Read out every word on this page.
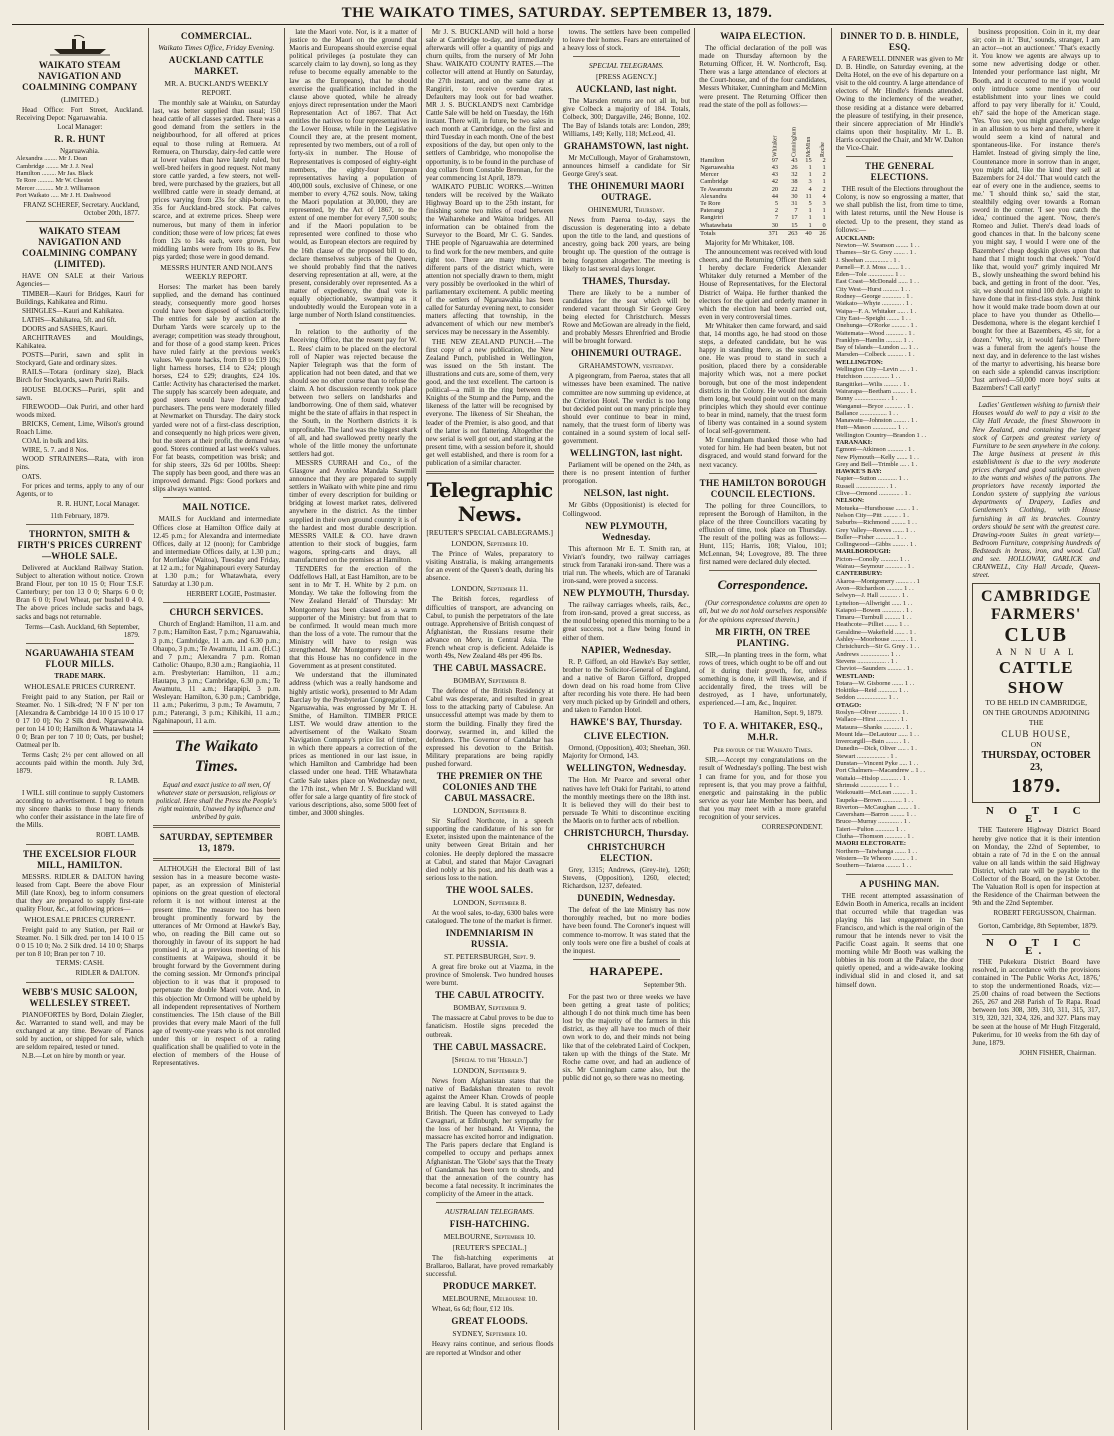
THE WAIKATO TIMES, SATURDAY. SEPTEMBER 13, 1879.
WAIKATO STEAM NAVIGATION AND COALMINING COMPANY
(LIMITED.)

Head Office: Fort Street, Auckland. Receiving Depot: Ngaruawahia.

Local Manager:
R. R. HUNT
Ngaruawahia.
Alexandra ........ Mr J. Dean
Cambridge ........ Mr J. J. Neal
Hamilton ......... Mr Jas. Black
Te Rore .......... Mr W. Chestet
Mercer ........... Mr J. Williamson
Port Waikato ..... Mr J. H. Dashwood
FRANZ SCHEREF, Secretary. Auckland, October 20th, 1877.
WAIKATO STEAM NAVIGATION AND COALMINING COMPANY (LIMITED).

HAVE ON SALE at their Various Agencies—

TIMBER—Kauri for Bridges, Kauri for Buildings, Kahikatea and Rimu.

SHINGLES—Kauri and Kahikatea.

LATHS—Kahikatea, 5ft. and 6ft.

DOORS and SASHES, Kauri.

ARCHITRAVES and Mouldings, Kahikatea.

POSTS—Puriri, sawn and split in Stockyard, Gate and ordinary sizes.

RAILS—Totara (ordinary size), Black Birch for Stockyards, sawn Puriri Rails.

HOUSE BLOCKS—Puriri, split and sawn.

FIREWOOD—Oak Puriri, and other hard woods mixed.

BRICKS, Cement, Lime, Wilson's ground Roach Lime.

COAL in bulk and kits.

WIRE, 5. 7. and 8 Nos.

WOOD STRAINERS—Rata, with iron pins.

OATS.

For prices and terms, apply to any of our Agents, or to

R. R. HUNT, Local Manager.
11th February, 1879.
THORNTON, SMITH & FIRTH'S PRICES CURRENT—WHOLE SALE.

Delivered at Auckland Railway Station. Subject to alteration without notice. Crown Brand Flour, per ton 10 15 0; Flour T.S.F. Canterbury; per ton 13 0 0; Sharps 6 0 0; Bran 6 0 0; Fowl Wheat, per bushel 0 4 0. The above prices include sacks and bags, sacks and bags not returnable.

Terms—Cash. Auckland, 6th September, 1879.
NGARUAWAHIA STEAM FLOUR MILLS.
TRADE MARK.
WHOLESALE PRICES CURRENT.

Freight paid to any Station, per Rail or Steamer. No. 1 Silk-dred; 'N F N' per ton [Alexandra & Cambridge 14 10 0 15 10 0 17 0 17 10 0]; No 2 Silk dred. Ngaruawahia. per ton 14 10 0; Hamilton & Whatawhata 14 0 0; Bran per ton 7 10 0; Oats, per bushel; Oatmeal per lb.

Terms Cash; 2½ per cent allowed on all accounts paid within the month. July 3rd, 1879.

R. LAMB.

I WILL still continue to supply Customers according to advertisement. I beg to return my sincere thanks to those many friends who confer their assistance in the late fire of the Mills.

ROBT. LAMB.
THE EXCELSIOR FLOUR MILL, HAMILTON.

MESSRS. RIDLER & DALTON having leased from Capt. Beere the above Flour Mill (late Knox), beg to inform consumers that they are prepared to supply first-rate quality Flour, &c., at following prices—

WHOLESALE PRICES CURRENT.

Freight paid to any Station, per Rail or Steamer. No. 1 Silk dred. per ton 14 10 0 15 0 0 15 10 0; No. 2 Silk dred. 14 10 0; Sharps per ton 8 10; Bran per ton 7 10.

TERMS: CASH.
RIDLER & DALTON.
WEBB'S MUSIC SALOON, WELLESLEY STREET.

PIANOFORTES by Bord, Dolain Ziegler, &c. Warranted to stand well, and may be exchanged at any time. Beware of Pianos sold by auction, or shipped for sale, which are seldom repaired, tested or tuned.

N.B.—Let on hire by month or year.

COMMERCIAL.
Waikato Times Office, Friday Evening.
AUCKLAND CATTLE MARKET.
MR. A. BUCKLAND'S WEEKLY REPORT.

The monthly sale at Waiuku, on Saturday last, was better supplied than usual; 150 head cattle of all classes yarded. There was a good demand from the settlers in the neighbourhood, for all offered at prices equal to those ruling at Remuera. At Remuera, on Thursday, dairy-fed cattle were at lower values than have lately ruled, but well-bred heifers in good request. Not many store cattle yarded, a few steers, not well-bred, were purchased by the graziers, but all welllbred cattle were in steady demand, at prices varying from 23s for ship-borne, to 35s for Auckland-bred stock. Pat calves scarce, and at extreme prices. Sheep were numerous, but many of them in inferior condition; those were of low prices; fat ewes from 12s to 14s each, were grown, but middling lambs were from 10s to 8s. Few pigs yarded; those were in good demand.

MESSRS HUNTER AND NOLAN'S WEEKLY REPORT.

Horses: The market has been barely supplied, and the demand has continued steady, consequently more good horses could have been disposed of satisfactorily. The entries for sale by auction at the Durham Yards were scarcely up to the average; competition was steady throughout, and for those of a good stamp keen. Prices have ruled fairly at the previous week's values. We quote hacks, from £8 to £19 10s; light harness horses, £14 to £24; plough horses, £24 to £29; draughts, £24 10s. Cattle: Activity has characterised the market. The supply has scarcely been adequate, and good steers would have found ready purchasers. The pens were moderately filled at Newmarket on Thursday. The dairy stock yarded were not of a first-class description, and consequently no high prices were given, but the steers at their profit, the demand was good. Stores continued at last week's values. For fat beasts, competition was brisk; and for ship steers, 32s 6d per 100lbs. Sheep: The supply has been good, and there was an improved demand. Pigs: Good porkers and slips always wanted.

MAIL NOTICE.

MAILS for Auckland and intermediate Offices close at Hamilton Office daily at 12.45 p.m.; for Alexandra and intermediate Offices, daily at 12 (noon); for Cambridge and intermediate Offices daily, at 1.30 p.m.; for Mortlake (Waitoa), Tuesday and Friday, at 12 a.m.; for Ngahinapouri every Saturday at 1.30 p.m.; for Whatawhata, every Saturday at 1.30 p.m.

HERBERT LOGIE, Postmaster.
CHURCH SERVICES.

Church of England: Hamilton, 11 a.m. and 7 p.m.; Hamilton East, 7 p.m.; Ngaruawahia, 3 p.m.; Cambridge, 11 a.m. and 6.30 p.m.; Ohaupo, 3 p.m.; Te Awamutu, 11 a.m. (H.C.) and 7 p.m.; Alexandra 7 p.m. Roman Catholic: Ohaupo, 8.30 a.m.; Rangiaohia, 11 a.m. Presbyterian: Hamilton, 11 a.m.; Hautapu, 3 p.m.; Cambridge, 6.30 p.m.; Te Awamutu, 11 a.m.; Harapipi, 3 p.m. Wesleyan: Hamilton, 6.30 p.m.; Cambridge, 11 a.m.; Pukerimu, 3 p.m.; Te Awamutu, 7 p.m.; Paterangi, 3 p.m.; Kihikihi, 11 a.m.; Ngahinapouri, 11 a.m.

The Waikato Times.

Equal and exact justice to all men, Of whatever state or persuasion, religious or political. Here shall the Press the People's right maintain, Unawed by influence and unbribed by gain.

SATURDAY, SEPTEMBER 13, 1879.

ALTHOUGH the Electoral Bill of last session has in a measure become waste-paper, as an expression of Ministerial opinions on the great question of electoral reform it is not without interest at the present time. The measure too has been brought prominently forward by the utterances of Mr Ormond at Hawke's Bay, who, on reading the Bill came out so thoroughly in favour of its support he had promised it, at a previous meeting of his constituents at Waipawa, should it be brought forward by the Government during the coming session. Mr Ormond's principal objection to it was that it proposed to perpetuate the double Maori vote. And, in this objection Mr Ormond will be upheld by all independent representatives of Northern constituencies. The 15th clause of the Bill provides that every male Maori of the full age of twenty-one years who is not enrolled under this or in respect of a rating qualification shall be qualified to vote in the election of members of the House of Representatives.

late the Maori vote. Nor, is it a matter of justice to the Maori on the ground that Maoris and Europeans should exercise equal political privileges (a postulate they can scarcely claim to lay down), so long as they refuse to become equally amenable to the law as the Europeans), that he should exercise the qualification included in the clause above quoted, while he already enjoys direct representation under the Maori Representation Act of 1867. That Act entitles the natives to four representatives in the Lower House, while in the Legislative Council they are, at the present moment, represented by two members, out of a roll of forty-six in number. The House of Representatives is composed of eighty-eight members, the eighty-four European representatives having a population of 400,000 souls, exclusive of Chinese, or one member to every 4,762 souls. Now, taking the Maori population at 30,000, they are represented, by the Act of 1867, to the extent of one member for every 7,500 souls; and if the Maori population to be represented were confined to those who would, as European electors are required by the 16th clause of the proposed bill to do, declare themselves subjects of the Queen, we should probably find that the natives deserving representation at all, were, at the present, considerably over represented. As a matter of expediency, the dual vote is equally objectionable, swamping as it undoubtedly would the European vote in a large number of North Island constituencies.

In relation to the authority of the Receiving Office, that the resent pay for W. L. Rees' claim to be placed on the electoral roll of Napier was rejected because the Napier Telegraph was that the form of application had not been dated, and that we should see no other course than to refuse the claim. A hot discussion recently took place between two sellers on landsharks and landborrowing. One of them said, whatever might be the state of affairs in that respect in the South, in the Northern districts it is unprofitable. The land was the biggest shark of all, and had swallowed pretty nearly the whole of the little money the unfortunate settlers had got.

MESSRS CURRAH and Co., of the Glasgow and Avonlea Mandala Sawmill announce that they are prepared to supply settlers in Waikato with white pine and rimu timber of every description for building or bridging at lowest market rates, delivered anywhere in the district. As the timber supplied in their own ground country it is of the hardest and most durable description. MESSRS VAILE & CO. have drawn attention to their stock of buggies, farm wagons, spring-carts and drays, all manufactured on the premises at Hamilton.

TENDERS for the erection of the Oddfellows Hall, at East Hamilton, are to be sent in to Mr T. H. White by 2 p.m. on Monday. We take the following from the 'New Zealand Herald' of Thursday: Mr Montgomery has been classed as a warm supporter of the Ministry: but from that to be confirmed. It would mean much more than the loss of a vote. The rumour that the Ministry will have to resign was strengthened. Mr Montgomery will move that this House has no confidence in the Government as at present constituted.

We understand that the illuminated address (which was a really handsome and highly artistic work), presented to Mr Adam Barclay by the Presbyterian Congregation of Ngaruawahia, was engrossed by Mr T. H. Smithe, of Hamilton. TIMBER PRICE LIST. We would draw attention to the advertisement of the Waikato Steam Navigation Company's price list of timber, in which there appears a correction of the prices as mentioned in our last issue, in which Hamilton and Cambridge had been classed under one head. THE Whatawhata Cattle Sale takes place on Wednesday next, the 17th inst., when Mr J. S. Buckland will offer for sale a large quantity of fire stock of various descriptions, also, some 5000 feet of timber, and 3000 shingles.

Mr J. S. BUCKLAND will hold a horse sale at Cambridge to-day, and immediately afterwards will offer a quantity of pigs and churn quilts, from the nursery of Mr John Shaw. WAIKATO COUNTY RATES.—The collector will attend at Huntly on Saturday, the 27th instant, and on the same day at Rangiriri, to receive overdue rates. Defaulters may look out for bad weather. MR J. S. BUCKLAND'S next Cambridge Cattle Sale will be held on Tuesday, the 16th instant. There will, in future, be two sales in each month at Cambridge, on the first and third Tuesday in each month. One of the best expositions of the day, but open only to the settlers of Cambridge, who monopolise the opportunity, is to be found in the purchase of dog collars from Constable Brennan, for the year commencing 1st April, 1879.

WAIKATO PUBLIC WORKS.—Written tenders will be received by the Waikato Highway Board up to the 25th instant, for finishing some two miles of road between the Waihareheke and Waitoa bridges. All information can be obtained from the Surveyor to the Board, Mr C. G. Sandes. THE people of Ngaruawahia are determined to find work for the new members, and quite right too. There are many matters in different parts of the district which, were attention not specially drawn to them, might very possibly be overlooked in the whirl of parliamentary excitement. A public meeting of the settlers of Ngaruawahia has been called for Saturday evening next, to consider matters affecting that township, in the advancement of which our new member's services may be necessary in the Assembly.

THE NEW ZEALAND PUNCH.—The first copy of a new publication, the New Zealand Punch, published in Wellington, was issued on the 5th instant. The illustrations and cuts are, some of them, very good, and the text excellent. The cartoon is political—a mill in the ring between the Knights of the Stump and the Pump, and the likeness of the latter will be recognised by everyone. The likeness of Sir Sheahan, the leader of the Premier, is also good, and that of the latter is not flattering. Altogether the new serial is well got out, and starting at the present time, with a session before it, should get well established, and there is room for a publication of a similar character.

Telegraphic News.
[REUTER'S SPECIAL CABLEGRAMS.]
LONDON, September 10.

The Prince of Wales, preparatory to visiting Australia, is making arrangements for an event of the Queen's death, during his absence.

LONDON, September 11.

The British forces, regardless of difficulties of transport, are advancing on Cabul, to punish the perpetrators of the late outrage. Apprehensive of British conquest of Afghanistan, the Russians resume their advance on Merv, in Central Asia. The French wheat crop is deficient. Adelaide is worth 49s, New Zealand 48s per 496 lbs.

THE CABUL MASSACRE.
BOMBAY, September 8.

The defence of the British Residency at Cabul was desperate, and resulted in great loss to the attacking party of Cabulese. An unsuccessful attempt was made by them to storm the building. Finally they fired the doorway, swarmed in, and killed the defenders. The Governor of Candahar has expressed his devotion to the British. Military preparations are being rapidly pushed forward.

THE PREMIER ON THE COLONIES AND THE CABUL MASSACRE.
LONDON, September 8.

Sir Stafford Northcote, in a speech supporting the candidature of his son for Exeter, insisted upon the maintenance of the unity between Great Britain and her colonies. He deeply deplored the massacre at Cabul, and stated that Major Cavagnari died nobly at his post, and his death was a serious loss to the nation.

THE WOOL SALES.
LONDON, September 8.

At the wool sales, to-day, 6300 bales were catalogued. The tone of the market is firmer.

INDEMNIARISM IN RUSSIA.
ST. PETERSBURGH, Sept. 9.

A great fire broke out at Viazma, in the province of Smolensk. Two hundred houses were burnt.

THE CABUL ATROCITY.
BOMBAY, September 9.

The massacre at Cabul proves to be due to fanaticism. Hostile signs preceded the outbreak.

THE CABUL MASSACRE.
[Special to the 'Herald.']
LONDON, September 9.

News from Afghanistan states that the native of Badakshan threaten to revolt against the Ameer Khan. Crowds of people are leaving Cabul. It is stated against the British. The Queen has conveyed to Lady Cavagnari, at Edinburgh, her sympathy for the loss of her husband. At Vienna, the massacre has excited horror and indignation. The Paris papers declare that England is compelled to occupy and perhaps annex Afghanistan. The 'Globe' says that the Treaty of Gandamak has been torn to shreds, and that the annexation of the country has become a fatal necessity. It incriminates the complicity of the Ameer in the attack.

AUSTRALIAN TELEGRAMS.
FISH-HATCHING.
MELBOURNE, September 10.
[REUTER'S SPECIAL.]

The fish-hatching experiments at Brallaroo, Ballarat, have proved remarkably successful.

PRODUCE MARKET.
MELBOURNE, Melbourne 10.

Wheat, 6s 6d; flour, £12 10s.

GREAT FLOODS.
SYDNEY, September 10.

Heavy rains continue, and serious floods are reported at Windsor and other

towns. The settlers have been compelled to leave their homes. Fears are entertained of a heavy loss of stock.

SPECIAL TELEGRAMS.
[PRESS AGENCY.]
AUCKLAND, last night.

The Marsden returns are not all in, but give Colbeck a majority of 184. Totals, Colbeck, 300; Dargaville, 246; Bonne, 102. The Bay of Islands totals are: London, 289; Williams, 149; Kelly, 118; McLeod, 41.

GRAHAMSTOWN, last night.

Mr McCullough, Mayor of Grahamstown, announces himself a candidate for Sir George Grey's seat.

THE OHINEMURI MAORI OUTRAGE.
OHINEMURI, Thursday.

News from Paeroa to-day, says the discussion is degenerating into a debate upon the title to the land, and questions of ancestry, going back 200 years, are being brought up. The question of the outrage is being forgotten altogether. The meeting is likely to last several days longer.

THAMES, Thursday.

There are likely to be a number of candidates for the seat which will be rendered vacant through Sir George Grey being elected for Christchurch. Messrs Rowe and McGowan are already in the field, and probably Messrs Ehrenfried and Brodie will be brought forward.

OHINEMURI OUTRAGE.
GRAHAMSTOWN, yesterday.

A pigeongram, from Paeroa, states that all witnesses have been examined. The native committee are now summing up evidence, at the Criterion Hotel. The verdict is too long but decided point out on many principle they should ever continue to bear in mind, namely, that the truest form of liberty was contained in a sound system of local self-government.

WELLINGTON, last night.

Parliament will be opened on the 24th, as there is no present intention of further prorogation.

NELSON, last night.

Mr Gibbs (Oppositionist) is elected for Collingwood.

NEW PLYMOUTH, Wednesday.

This afternoon Mr E. T. Smith ran, at Vivian's foundry, two railway carriages struck from Taranaki iron-sand. There was a trial run. The wheels, which are of Taranaki iron-sand, were proved a success.

NEW PLYMOUTH, Thursday.

The railway carriages wheels, rails, &c., from iron-sand, proved a great success, as the mould being opened this morning to be a great success, not a flaw being found in either of them.

NAPIER, Wednesday.

R. P. Gifford, an old Hawke's Bay settler, brother to the Solicitor-General of England, and a native of Baron Gifford, dropped down dead on his road home from Clive after recording his vote there. He had been very much picked up by Grindell and others, and taken to Farndon Hotel.

HAWKE'S BAY, Thursday.
CLIVE ELECTION.

Ormond, (Opposition), 403; Sheehan, 360. Majority for Ormond, 143.

WELLINGTON, Wednesday.

The Hon. Mr Pearce and several other natives have left Otaki for Paritahi, to attend the monthly meetings there on the 18th inst. It is believed they will do their best to persuade Te Whiti to discontinue exciting the Maoris on to further acts of rebellion.

CHRISTCHURCH, Thursday.
CHRISTCHURCH ELECTION.

Grey, 1315; Andrews, (Grey-ite), 1260; Stevens, (Opposition), 1260, elected; Richardson, 1237, defeated.

DUNEDIN, Wednesday.

The defeat of the late Ministry has now thoroughly reached, but no more bodies have been found. The Coroner's inquest will commence to-morrow. It was stated that the only tools were one fire a bushel of coals at the inquest.

HARAPEPE.
September 9th.

For the past two or three weeks we have been getting a great taste of politics; although I do not think much time has been lost by the majority of the farmers in this district, as they all have too much of their own work to do, and their minds not being like that of the celebrated Laird of Cockpen, taken up with the things of the State. Mr Roche came over, and had an audience of six. Mr Cunningham came also, but the public did not go, so there was no meeting.

WAIPA ELECTION.

The official declaration of the poll was made on Thursday afternoon by the Returning Officer, H. W. Northcroft, Esq. There was a large attendance of electors at the Court-house, and of the four candidates, Messrs Whitaker, Cunningham and McMinn were present. The Returning Officer then read the state of the poll as follows:—

	Whitaker	Cunningham	McMinn	Roche
Hamilton	97	43	15	2
Ngaruawahia	43	26	1	1
Mercer	43	32	1	2
Cambridge	42	38	3	1
Te Awamutu	20	22	4	2
Alexandra	44	30	11	4
Te Rore	5	31	5	3
Paterangi	2	7	1	1
Rangiriri	7	17	1	1
Whatawhata	30	15	1	0
Totals	371	263	40	26

Majority for Mr Whitaker, 108.

The announcement was received with loud cheers, and the Returning Officer then said: I hereby declare Frederick Alexander Whitaker duly returned a Member of the House of Representatives, for the Electoral District of Waipa. He further thanked the electors for the quiet and orderly manner in which the election had been carried out, even in very controversial times.

Mr Whitaker then came forward, and said that, 14 months ago, he had stood on those steps, a defeated candidate, but he was happy in standing there, as the successful one. He was proud to stand in such a position, placed there by a considerable majority which was, not a mere pocket borough, but one of the most independent districts in the Colony. He would not detain them long, but would point out on the many principles which they should ever continue to bear in mind, namely, that the truest form of liberty was contained in a sound system of local self-government.

Mr Cunningham thanked those who had voted for him. He had been beaten, but not disgraced, and would stand forward for the next vacancy.

THE HAMILTON BOROUGH COUNCIL ELECTIONS.

The polling for three Councillors, to represent the Borough of Hamilton, in the place of the three Councillors vacating by effluxion of time, took place on Thursday. The result of the polling was as follows:—Hunt, 115; Harris, 108; Vialou, 101; McLennan, 94; Lovegrove, 89. The three first named were declared duly elected.

Correspondence.

(Our correspondence columns are open to all, but we do not hold ourselves responsible for the opinions expressed therein.)

MR FIRTH, ON TREE PLANTING.

SIR,—In planting trees in the form, what rows of trees, which ought to be off and out of it during their growth, for, unless something is done, it will likewise, and if accidentally fired, the trees will be destroyed, as I have, unfortunately, experienced.—I am, &c., Inquirer.

Hamilton, Sept. 9, 1879.
TO F. A. WHITAKER, ESQ., M.H.R.
Per favour of the Waikato Times.

SIR,—Accept my congratulations on the result of Wednesday's polling. The best wish I can frame for you, and for those you represent is, that you may prove a faithful, energetic and painstaking in the public service as your late Member has been, and that you may meet with a more grateful recognition of your services.

CORRESPONDENT.
DINNER TO D. B. HINDLE, ESQ.

A FAREWELL DINNER was given to Mr D. B. Hindle, on Saturday evening, at the Delta Hotel, on the eve of his departure on a visit to the old country. A large attendance of electors of Mr Hindle's friends attended. Owing to the inclemency of the weather, those residing at a distance were debarred the pleasure of testifying, in their presence, their sincere appreciation of Mr Hindle's claims upon their hospitality. Mr L. B. Harris occupied the Chair, and Mr W. Dalton the Vice-Chair.

THE GENERAL ELECTIONS.

THE result of the Elections throughout the Colony, is now so engrossing a matter, that we shall publish the list, from time to time, with latest returns, until the New House is elected. Up to the present, they stand as follows:—

AUCKLAND:
Newton—W. Swanson ........ 1 . .
Thames—Sir G. Grey ....... . 1 .
J. Sheehan ............... . 1 .
Parnell—F. J. Moss ....... 1 . .
Eden—Tole ................ 1 . .
East Coast—McDonald ...... 1 . .
City West—Hurst .......... 1 . .
Rodney—George ............ . 1 .
Waikato—Whyte ............ . 1 .
Waipa—F. A. Whitaker ..... . 1 .
City East—Speight ........ 1 . .
Onehunga—O'Rorke ......... . 1 .
Waitemata—Wood ........... . 1 .
Franklyn—Hamlin .......... 1 . .
Bay of Islands—Lundon .... 1 . .
Marsden—Colbeck .......... . 1 .
WELLINGTON:
Wellington City—Levin .... . 1 .
Hutchison ................ 1 . .
Rangitikei—Wilis ......... . 1 .
Wairarapa—Beetham ........ . 1 .
Bunny .................... . 1 .
Wanganui—Bryce ........... . 1 .
Ballance ................. 1 . .
Manawatu—Johnston ........ . 1 .
Hutt—Mason ............... 1 . .
Wellington Country—Brandon 1 . .
TARANAKI:
Egmont—Atkinson .......... . 1 .
New Plymouth—Kelly ....... 1 . .
Grey and Bell—Trimble .... . 1 .
HAWKE'S BAY:
Napier—Sutton ............ 1 . .
Russell .................. . 1 .
Clive—Ormond ............. . 1 .
NELSON:
Motueka—Hursthouse ....... . 1 .
Nelson City—Pitt ......... . 1 .
Suburbs—Richmond ......... 1 . .
Grey Valley—Reeves ....... 1 . .
Buller—Fisher ............ 1 . .
Collingwood—Gibbs ........ . 1 .
MARLBOROUGH:
Picton—Conolly ........... 1 . .
Wairau—Seymour ........... . 1 .
CANTERBURY:
Akaroa—Montgomery ........ . . 1
Avon—Richardson .......... 1 . .
Selwyn—J. Hall ........... . 1 .
Lyttelton—Allwright ...... 1 . .
Kaiapoi—Bowen ............ . 1 .
Timaru—Turnbull .......... 1 . .
Heathcote—Pilliet ........ 1 . .
Geraldine—Wakefield ...... . 1 .
Ashley—Moorhouse ......... . 1 .
Christchurch—Sir G. Grey . 1 . .
Andrews .................. 1 . .
Stevens .................. . 1 .
Cheviot—Saunders ......... . 1 .
WESTLAND:
Totara—W. Gisborne ....... 1 . .
Hokitika—Reid ............ 1 . .
Seddon ................... 1 . .
OTAGO:
Roslyn—Oliver ............ . 1 .
Wallace—Hirst ............ . 1 .
Mataura—Shanks ........... . 1 .
Mount Ida—DeLautour ...... 1 . .
Invercargill—Bain ........ . 1 .
Dunedin—Dick, Oliver ..... . 1 .
Stewart .................. . 1 .
Dunstan—Vincent Pyke ..... 1 . .
Port Chalmers—Macandrew .. 1 . .
Waitaki—Hislop ........... . 1 .
Shrimski ................. 1 . .
Waikouaiti—McLean ........ . 1 .
Taupeka—Brown ............ 1 . .
Riverton—McCaughan ....... . 1 .
Caversham—Barron ......... 1 . .
Bruce—Murray ............. . 1 .
Taieri—Fulton ............ 1 . .
Clutha—Thomson ........... . 1 .
MAORI ELECTORATE:
Northern—Taiwhanga ....... 1 . .
Western—Te Wheoro ........ . 1 .
Southern—Taiaroa ......... 1 . .
A PUSHING MAN.

THE recent attempted assassination of Edwin Booth in America, recalls an incident that occurred while that tragedian was playing his last engagement in San Francisco, and which is the real origin of the rumour that he intends never to visit the Pacific Coast again. It seems that one morning while Mr Booth was walking the lobbies in his room at the Palace, the door quietly opened, and a wide-awake looking individual slid in and closed it, and sat himself down.

business proposition. Coin in it, my dear sir; coin in it.' 'But,' sounds, stranger, I am an actor—not an auctioneer.' 'That's exactly it. You know we agents are always up to some new advertising dodge or other. Intended your performance last night, Mr Booth, and it occurred to me if you would only introduce some mention of our establishment into your lines we could afford to pay very liberally for it.' 'Could, eh?' said the hope of the American stage. 'Yes. You see, you might gracefully wedge in an allusion to us here and there, where it would seem a kind of natural and spontaneous-like. For instance there's Hamlet. Instead of giving simply the line, Countenance more in sorrow than in anger, you might add, like the kind they sell at Bazembers for 24 dol.' That would catch the ear of every one in the audience, seems to me.' 'I should think so,' said the star, stealthily edging over towards a Roman sword in the corner. 'I see you catch the idea,' continued the agent. 'Now, there's Romeo and Juliet. There's dead loads of good chances in that. In the balcony scene you might say, I would I were one of the Bazembers' cheap dogskin gloves upon that hand that I might touch that cheek.' 'You'd like that, would you?' grimly inquired Mr B., slowly unsheathing the sword behind his back, and getting in front of the door. 'Yes, sir, we should not mind 100 dols. a night to have done that in first-class style. Just think how it would make trade boom down at our place to have you thunder as Othello—Desdemona, where is the elegant kerchief I bought for thee at Bazembers, 45 sir, for a dozen.' 'Why, sir, it would fairly—' There was a funeral from the agent's house the next day, and in deference to the last wishes of the martyr to advertising, his hearse bore on each side a splendid canvas inscription: 'Just arrived—50,000 more boys' suits at Bazembers'! Call early!'

Ladies' Gentlemen wishing to furnish their Houses would do well to pay a visit to the City Hall Arcade, the finest Showroom in New Zealand, and containing the largest stock of Carpets and greatest variety of Furniture to be seen anywhere in the colony. The large business at present in this establishment is due to the very moderate prices charged and good satisfaction given to the wants and wishes of the patrons. The proprietors have recently imported the London system of supplying the various departments of Drapery, Ladies and Gentlemen's Clothing, with House furnishing in all its branches. Country orders should be sent with the greatest care. Drawing-room Suites in great variety—Bedroom Furniture, comprising hundreds of Bedsteads in brass, iron, and wood. Call and see. HOLLOWAY, GARLICK and CRANWELL, City Hall Arcade, Queen-street.

CAMBRIDGE FARMERS'
CLUB
A N N U A L
CATTLE SHOW
TO BE HELD IN CAMBRIDGE,
ON THE GROUNDS ADJOINING THE
CLUB HOUSE,
ON
THURSDAY, OCTOBER 23,
1879.
N O T I C E.

THE Tauterere Highway District Board hereby give notice that it is their intention on Monday, the 22nd of September, to obtain a rate of 7d in the £ on the annual value on all lands within the said Highway District, which rate will be payable to the Collector of the Board, on the 1st October. The Valuation Roll is open for inspection at the Residence of the Chairman between the 9th and the 22nd September.

ROBERT FERGUSSON, Chairman.

Gorton, Cambridge, 8th September, 1879.

N O T I C E.

THE Pukekura District Board have resolved, in accordance with the provisions contained in 'The Public Works Act, 1876,' to stop the undermentioned Roads, viz:—25.00 chains of road between the Sections 265, 267 and 268 Parish of Te Rapa. Road between lots 308, 309, 310, 311, 315, 317, 319, 320, 321, 324, 326, and 327. Plans may be seen at the house of Mr Hugh Fitzgerald, Pukerimu, for 10 weeks from the 6th day of June, 1879.

JOHN FISHER, Chairman.
